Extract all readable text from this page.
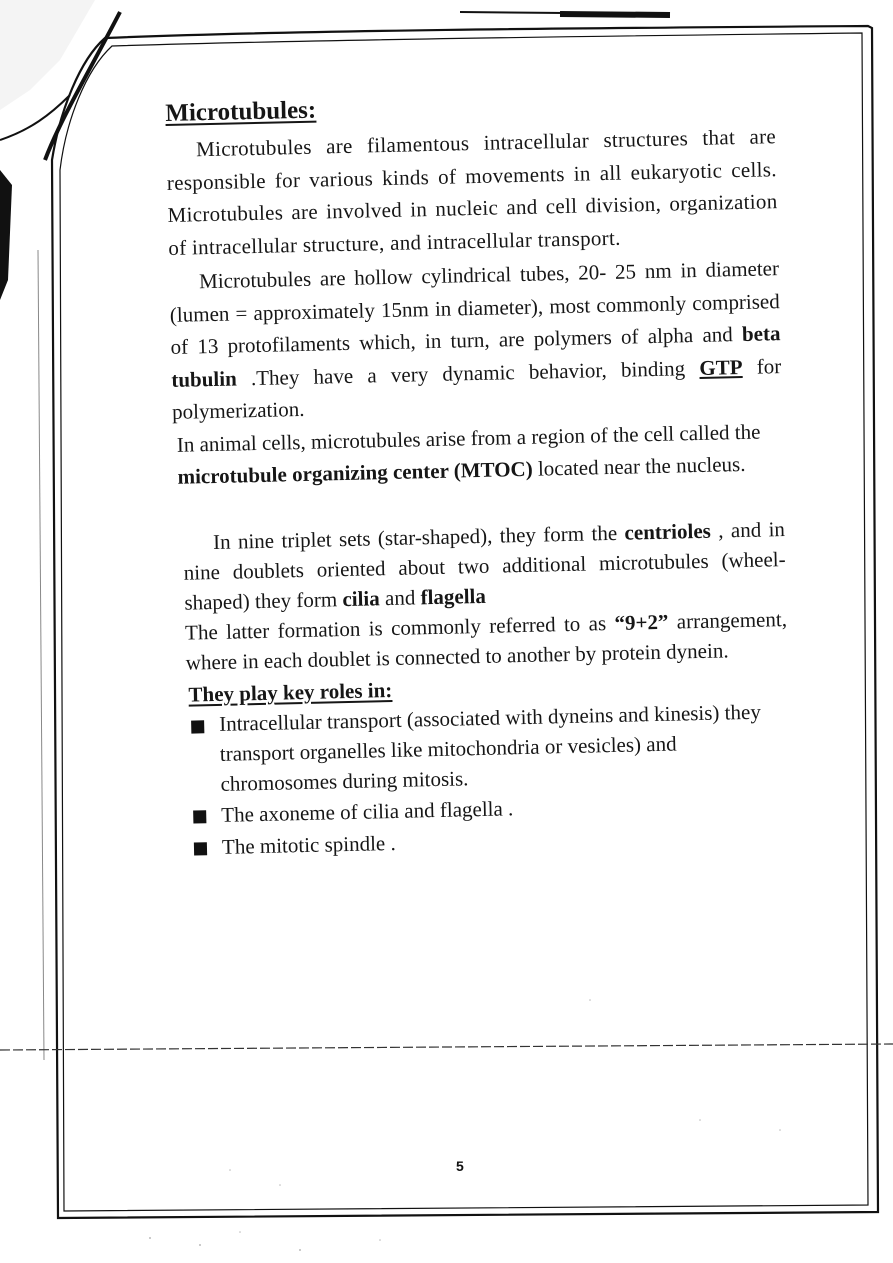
Microtubules:

Microtubules are filamentous intracellular structures that are responsible for various kinds of movements in all eukaryotic cells. Microtubules are involved in nucleic and cell division, organization of intracellular structure, and intracellular transport.

Microtubules are hollow cylindrical tubes, 20- 25 nm in diameter (lumen = approximately 15nm in diameter), most commonly comprised of 13 protofilaments which, in turn, are polymers of alpha and beta tubulin .They have a very dynamic behavior, binding GTP for polymerization.

In animal cells, microtubules arise from a region of the cell called the microtubule organizing center (MTOC) located near the nucleus.

In nine triplet sets (star-shaped), they form the centrioles , and in nine doublets oriented about two additional microtubules (wheel-shaped) they form cilia and flagella

The latter formation is commonly referred to as “9+2” arrangement, where in each doublet is connected to another by protein dynein.

They play key roles in:
Intracellular transport (associated with dyneins and kinesis) they transport organelles like mitochondria or vesicles) and chromosomes during mitosis.
The axoneme of cilia and flagella .
The mitotic spindle .
5
